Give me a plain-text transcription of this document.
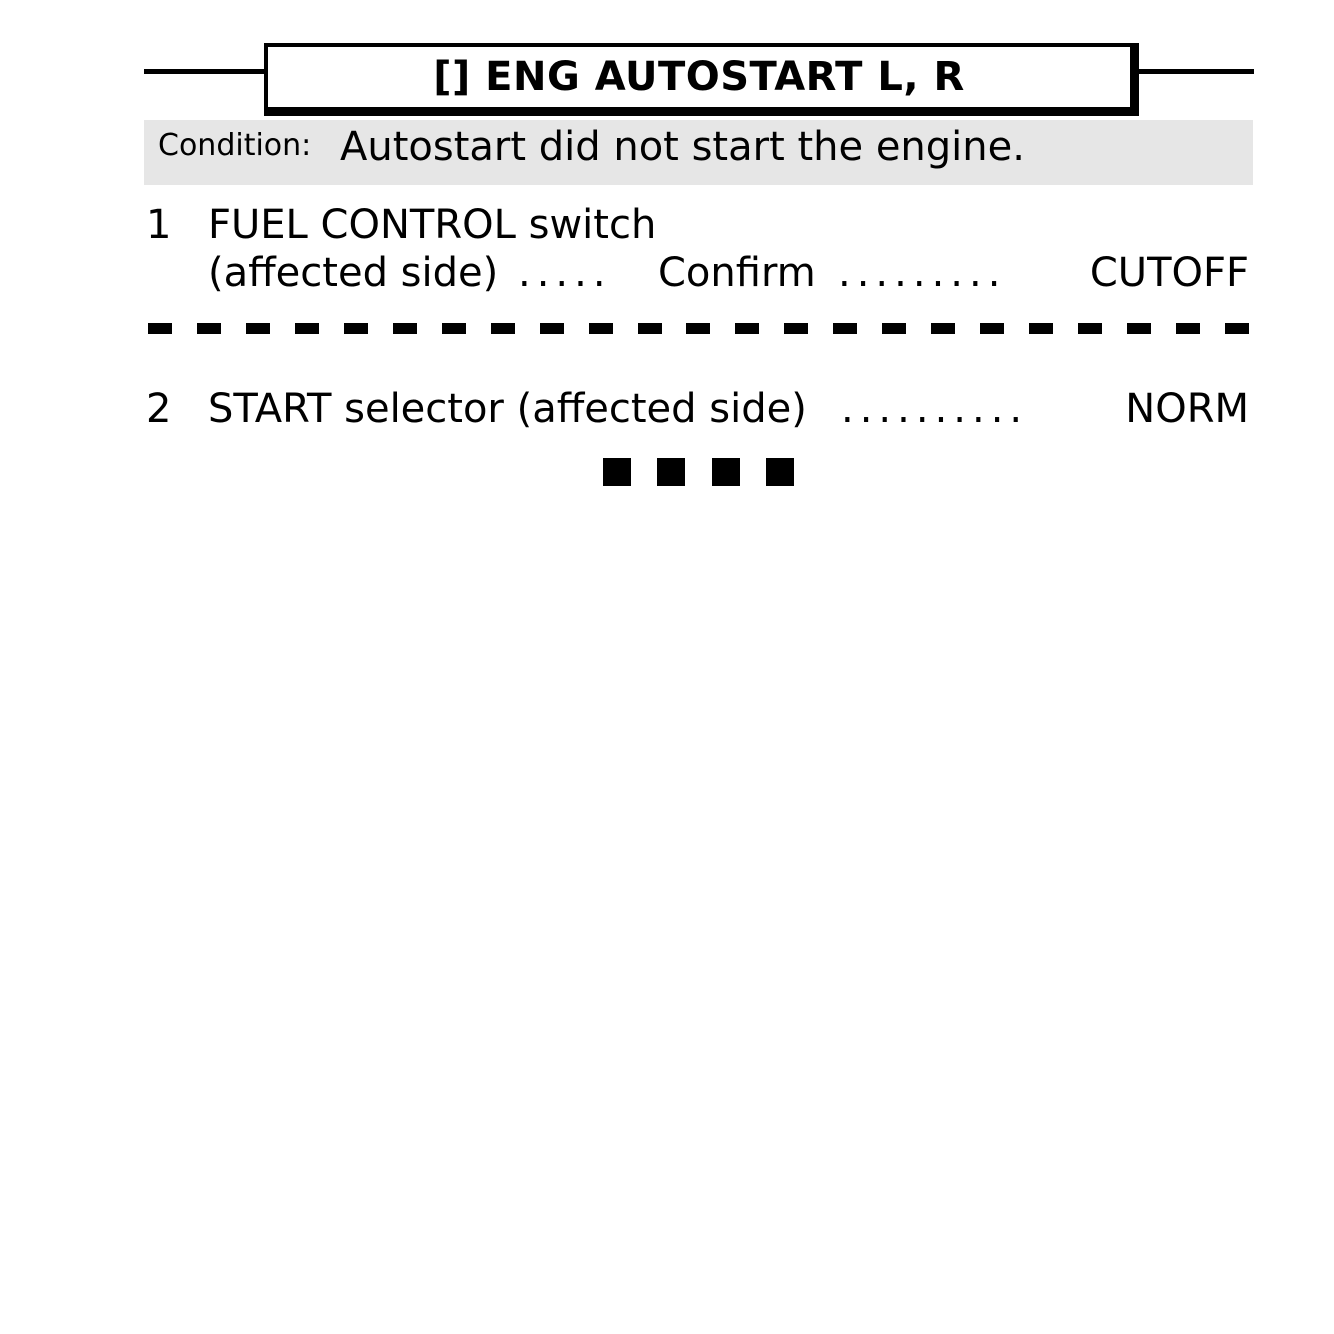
[] ENG AUTOSTART L, R
Condition: Autostart did not start the engine.
1 FUEL CONTROL switch
(affected side) ..... Confirm ......... CUTOFF
2 START selector (affected side) .......... NORM
